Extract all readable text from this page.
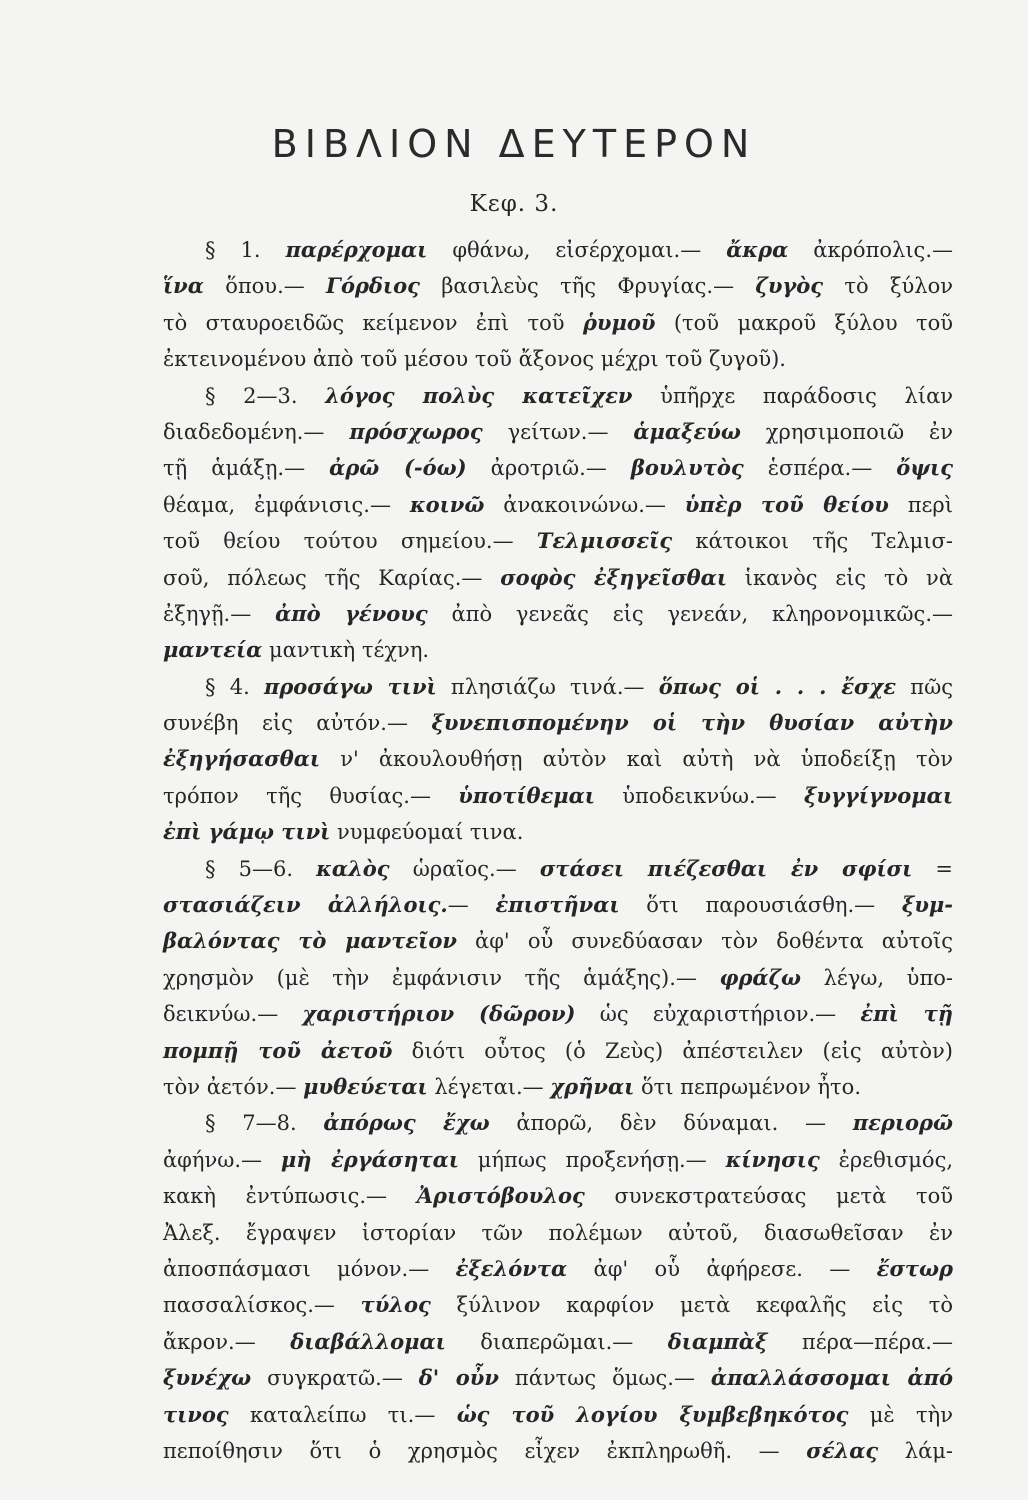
ΒΙΒΛΙΟΝ ΔΕΥΤΕΡΟΝ
Κεφ. 3.
§ 1. παρέρχομαι φθάνω, εἰσέρχομαι.— ἄκρα ἀκρόπολις.—
ἵνα ὅπου.— Γόρδιος βασιλεὺς τῆς Φρυγίας.— ζυγὸς τὸ ξύλον
τὸ σταυροειδῶς κείμενον ἐπὶ τοῦ ῥυμοῦ (τοῦ μακροῦ ξύλου τοῦ
ἐκτεινομένου ἀπὸ τοῦ μέσου τοῦ ἄξονος μέχρι τοῦ ζυγοῦ).
§ 2—3. λόγος πολὺς κατεῖχεν ὑπῆρχε παράδοσις λίαν
διαδεδομένη.— πρόσχωρος γείτων.— ἁμαξεύω χρησιμοποιῶ ἐν
τῇ ἁμάξῃ.— ἀρῶ (-όω) ἀροτριῶ.— βουλυτὸς ἑσπέρα.— ὄψις
θέαμα, ἐμφάνισις.— κοινῶ ἀνακοινώνω.— ὑπὲρ τοῦ θείου περὶ
τοῦ θείου τούτου σημείου.— Τελμισσεῖς κάτοικοι τῆς Τελμισ-
σοῦ, πόλεως τῆς Καρίας.— σοφὸς ἐξηγεῖσθαι ἱκανὸς εἰς τὸ νὰ
ἐξηγῇ.— ἀπὸ γένους ἀπὸ γενεᾶς εἰς γενεάν, κληρονομικῶς.—
μαντεία μαντικὴ τέχνη.
§ 4. προσάγω τινὶ πλησιάζω τινά.— ὅπως οἱ . . . ἔσχε πῶς
συνέβη εἰς αὐτόν.— ξυνεπισπομένην οἱ τὴν θυσίαν αὐτὴν
ἐξηγήσασθαι ν' ἀκουλουθήσῃ αὐτὸν καὶ αὐτὴ νὰ ὑποδείξῃ τὸν
τρόπον τῆς θυσίας.— ὑποτίθεμαι ὑποδεικνύω.— ξυγγίγνομαι
ἐπὶ γάμῳ τινὶ νυμφεύομαί τινα.
§ 5—6. καλὸς ὡραῖος.— στάσει πιέζεσθαι ἐν σφίσι =
στασιάζειν ἀλλήλοις.— ἐπιστῆναι ὅτι παρουσιάσθη.— ξυμ-
βαλόντας τὸ μαντεῖον ἀφ' οὗ συνεδύασαν τὸν δοθέντα αὐτοῖς
χρησμὸν (μὲ τὴν ἐμφάνισιν τῆς ἁμάξης).— φράζω λέγω, ὑπο-
δεικνύω.— χαριστήριον (δῶρον) ὡς εὐχαριστήριον.— ἐπὶ τῇ
πομπῇ τοῦ ἀετοῦ διότι οὗτος (ὁ Ζεὺς) ἀπέστειλεν (εἰς αὐτὸν)
τὸν ἀετόν.— μυθεύεται λέγεται.— χρῆναι ὅτι πεπρωμένον ἦτο.
§ 7—8. ἀπόρως ἔχω ἀπορῶ, δὲν δύναμαι. — περιορῶ
ἀφήνω.— μὴ ἐργάσηται μήπως προξενήσῃ.— κίνησις ἐρεθισμός,
κακὴ ἐντύπωσις.— Ἀριστόβουλος συνεκστρατεύσας μετὰ τοῦ
Ἀλεξ. ἔγραψεν ἱστορίαν τῶν πολέμων αὐτοῦ, διασωθεῖσαν ἐν
ἀποσπάσμασι μόνον.— ἐξελόντα ἀφ' οὗ ἀφήρεσε. — ἔστωρ
πασσαλίσκος.— τύλος ξύλινον καρφίον μετὰ κεφαλῆς εἰς τὸ
ἄκρον.— διαβάλλομαι διαπερῶμαι.— διαμπὰξ πέρα—πέρα.—
ξυνέχω συγκρατῶ.— δ' οὖν πάντως ὅμως.— ἀπαλλάσσομαι ἀπό
τινος καταλείπω τι.— ὡς τοῦ λογίου ξυμβεβηκότος μὲ τὴν
πεποίθησιν ὅτι ὁ χρησμὸς εἶχεν ἐκπληρωθῆ. — σέλας λάμ-
